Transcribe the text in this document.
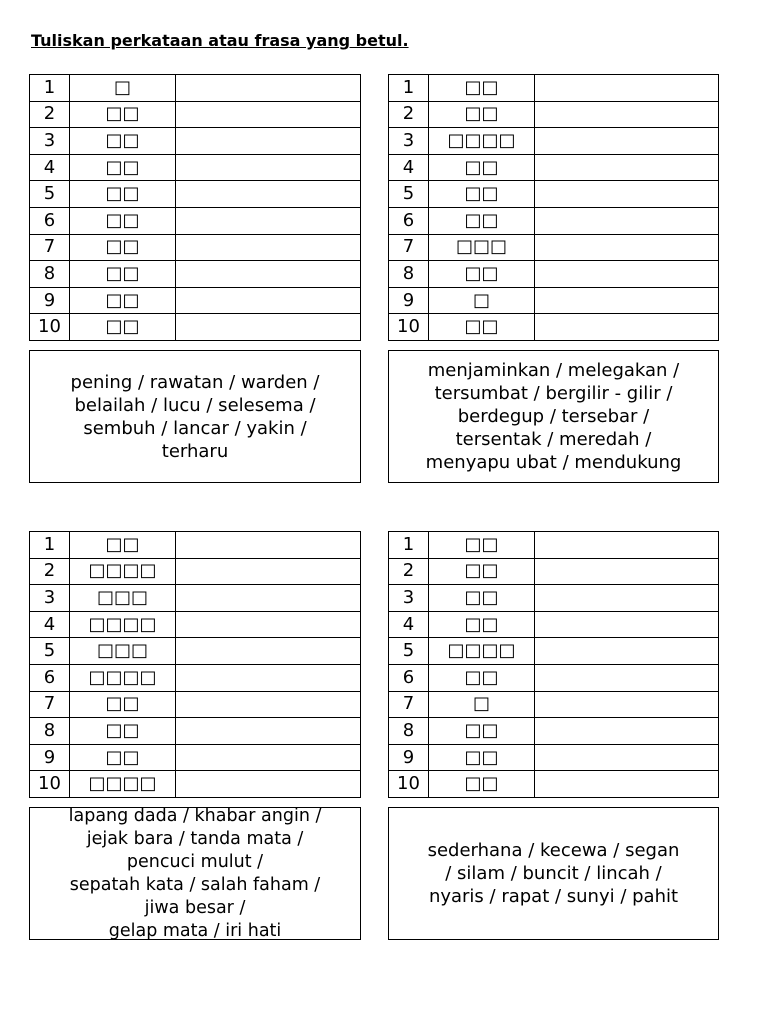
Tuliskan perkataan atau frasa yang betul.
1	□	
2	□□	
3	□□	
4	□□	
5	□□	
6	□□	
7	□□	
8	□□	
9	□□	
10	□□	
pening / rawatan / warden /
belailah / lucu / selesema /
sembuh / lancar / yakin /
terharu
1	□□	
2	□□	
3	□□□□	
4	□□	
5	□□	
6	□□	
7	□□□	
8	□□	
9	□	
10	□□	
menjaminkan / melegakan /
tersumbat / bergilir - gilir /
berdegup / tersebar /
tersentak / meredah /
menyapu ubat / mendukung
1	□□	
2	□□□□	
3	□□□	
4	□□□□	
5	□□□	
6	□□□□	
7	□□	
8	□□	
9	□□	
10	□□□□	
lapang dada / khabar angin /
jejak bara / tanda mata /
pencuci mulut /
sepatah kata / salah faham /
jiwa besar /
gelap mata / iri hati
1	□□	
2	□□	
3	□□	
4	□□	
5	□□□□	
6	□□	
7	□	
8	□□	
9	□□	
10	□□	
sederhana / kecewa / segan
/ silam / buncit / lincah /
nyaris / rapat / sunyi / pahit
